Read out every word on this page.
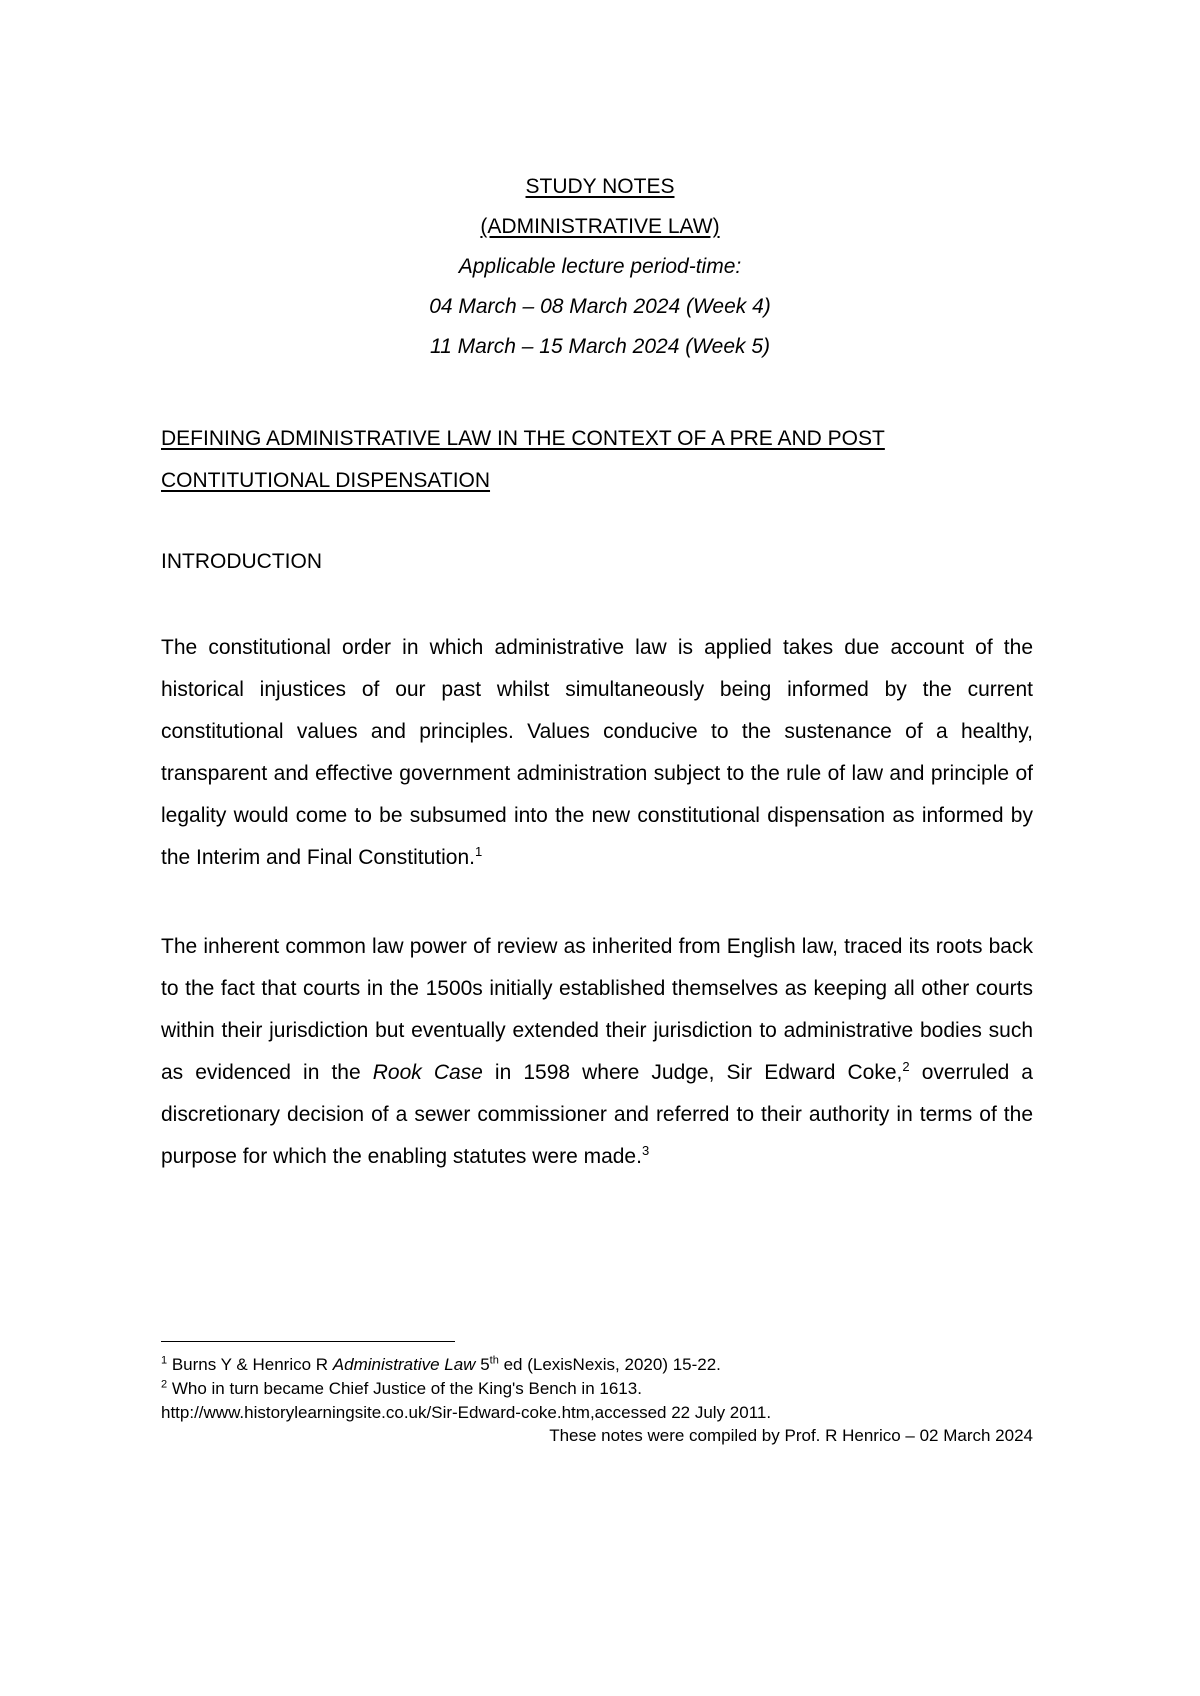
STUDY NOTES
(ADMINISTRATIVE LAW)
Applicable lecture period-time:
04 March – 08 March 2024 (Week 4)
11 March – 15 March 2024 (Week 5)
DEFINING ADMINISTRATIVE LAW IN THE CONTEXT OF A PRE AND POST
CONTITUTIONAL DISPENSATION
INTRODUCTION
The constitutional order in which administrative law is applied takes due account of the historical injustices of our past whilst simultaneously being informed by the current constitutional values and principles. Values conducive to the sustenance of a healthy, transparent and effective government administration subject to the rule of law and principle of legality would come to be subsumed into the new constitutional dispensation as informed by the Interim and Final Constitution.$^1$
The inherent common law power of review as inherited from English law, traced its roots back to the fact that courts in the 1500s initially established themselves as keeping all other courts within their jurisdiction but eventually extended their jurisdiction to administrative bodies such as evidenced in the Rook Case in 1598 where Judge, Sir Edward Coke,$^2$ overruled a discretionary decision of a sewer commissioner and referred to their authority in terms of the purpose for which the enabling statutes were made.$^3$
$^1$ Burns Y & Henrico R Administrative Law 5th ed (LexisNexis, 2020) 15-22.
$^2$ Who in turn became Chief Justice of the King's Bench in 1613.
http://www.historylearningsite.co.uk/Sir-Edward-coke.htm,accessed 22 July 2011.
These notes were compiled by Prof. R Henrico – 02 March 2024
